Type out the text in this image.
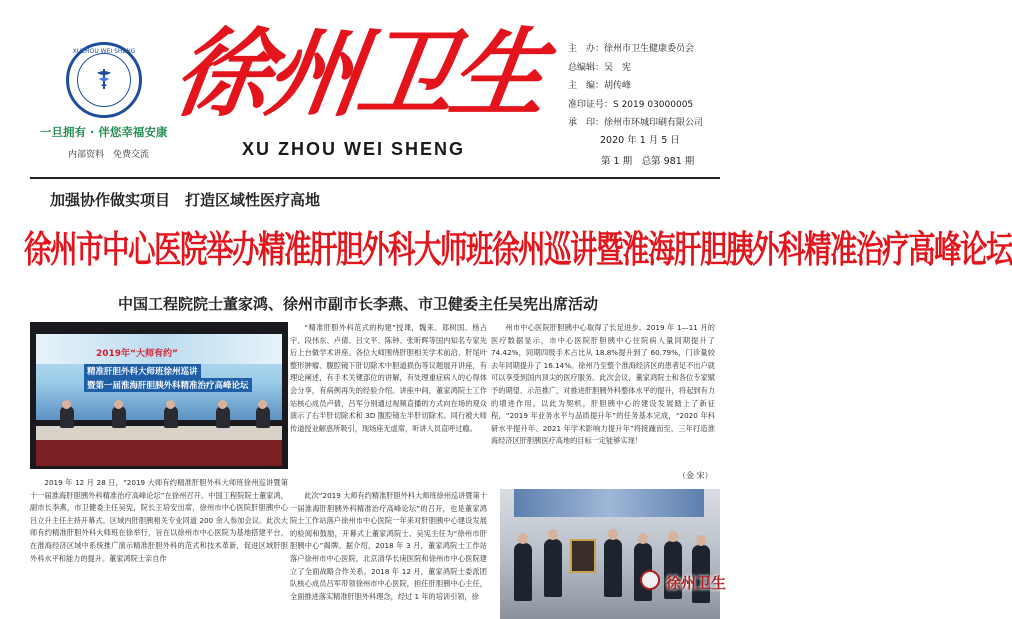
XUZHOU WEI SHENG
一旦拥有 · 伴您幸福安康
内部资料　免费交流
徐州卫生
XU ZHOU WEI SHENG
主　办：徐州市卫生健康委员会
总编辑：吴　宪
主　编：胡传峰
准印证号：S 2019 03000005
承　印：徐州市环城印刷有限公司
2020 年 1 月 5 日
第 1 期　总第 981 期
加强协作做实项目　打造区域性医疗高地
徐州市中心医院举办精准肝胆外科大师班徐州巡讲暨淮海肝胆胰外科精准治疗高峰论坛
中国工程院院士董家鸿、徐州市副市长李燕、市卫健委主任吴宪出席活动
2019年“大师有约”
精准肝胆外科大师班徐州巡讲
暨第一届淮海肝胆胰外科精准治疗高峰论坛

2019 年 12 月 28 日，“2019 大师有约精准肝胆外科大师班徐州巡讲暨第十一届淮海肝胆胰外科精准治疗高峰论坛”在徐州召开。中国工程院院士董家鸿，副市长李燕，市卫健委主任吴宪，院长王培安出席，徐州市中心医院肝胆胰中心吕立升主任主持开幕式。区域内肝胆胰相关专业同道 200 余人参加会议。此次大师有约精准肝胆外科大师班在徐举行，旨在以徐州市中心医院为基地搭建平台，在淮海经济区域中系统推广演示精准肝胆外科的范式和技术革新，促进区域肝胆外科水平和能力的提升。董家鸿院士亲自作

“精准肝胆外科范式的构建”授课，魏来、郑树国、杨占宇、段伟东、卢倩、吕文平、陈钟、张昕晖等国内知名专家先后上台做学术讲座。各位大师围绕肝胆相关学术前沿、肝尾叶整形肿瘤、腹腔镜下肝切除术中胆道损伤等议题展开讲座，有理论阐述，有手术关键部位的讲解，有处理重症病人的心得体会分享，有病例再失的经验介绍。讲座中间，董家鸿院士工作站核心成员卢倩，吕军分别通过视频直播的方式向在场的观众演示了右半肝切除术和 3D 腹腔镜左半肝切除术。同行被大师传道授业解惑所吸引，现场座无虚席，听讲人员直呼过瘾。

此次“2019 大师有约精准肝胆外科大师班徐州巡讲暨第十一届淮海肝胆胰外科精准治疗高峰论坛”的召开，也是董家鸿院士工作站落户徐州市中心医院一年来对肝胆胰中心建设发展的检阅和鼓励，开幕式上董家鸿院士、吴宪主任为“徐州市肝胆胰中心”揭牌。据介绍，2018 年 3 月，董家鸿院士工作站落户徐州市中心医院，北京清华长庚医院和徐州市中心医院建立了全面战略合作关系。2018 年 12 月，董家鸿院士委派团队核心成员吕军带领徐州市中心医院，担任肝胆胰中心主任，全面推进落实精准肝胆外科理念，经过 1 年的培训引领，徐

州市中心医院肝胆胰中心取得了长足进步。2019 年 1—11 月的医疗数据显示，市中心医院肝胆胰中心住院病人量同期提升了 74.42%，同期四级手术占比从 18.8%提升到了 60.79%，门诊量较去年同期提升了 16.14%。徐州乃至整个淮海经济区的患者足不出户就可以享受到国内顶尖的医疗服务。此次会议，董家鸿院士和各位专家赋予的期望、示范推广，对推进肝胆胰外科整体水平的提升，将起到有力的增进作用。以此为契机，肝胆胰中心的建设发展踏上了新征程，“2019 年业务水平与品质提升年”的任务基本完成，“2020 年科研水平提升年、2021 年学术影响力提升年”将接踵而至，三年打造淮海经济区肝胆胰医疗高地的目标一定能够实现！

（金 宋）
徐州卫生
